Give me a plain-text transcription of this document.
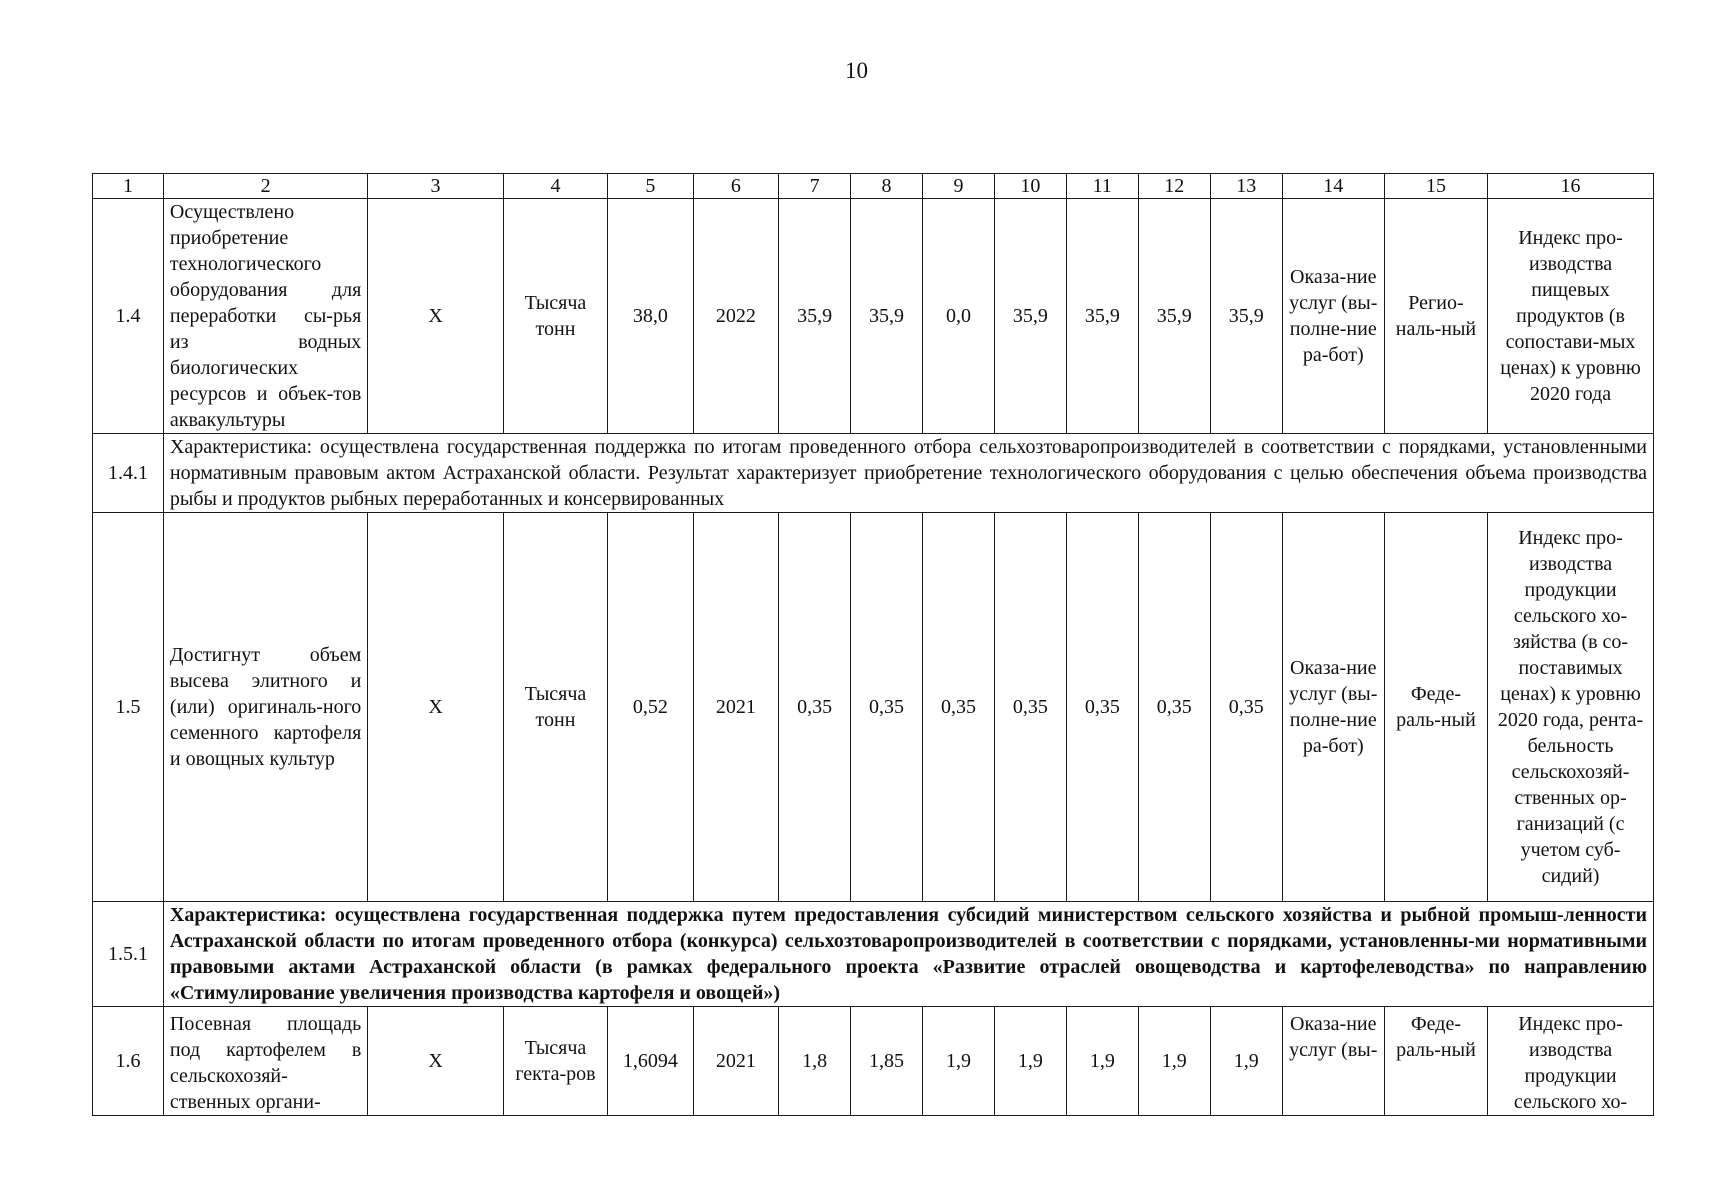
10
1	2	3	4	5	6	7	8	9	10	11	12	13	14	15	16
1.4	Осуществлено приобретение технологического оборудования для переработки сы-рья из водных биологических ресурсов и объек-тов аквакультуры	X	Тысяча тонн	38,0	2022	35,9	35,9	0,0	35,9	35,9	35,9	35,9	Оказа-ние услуг (вы-полне-ние ра-бот)	Регио-наль-ный	Индекс про-изводства пищевых продуктов (в сопостави-мых ценах) к уровню 2020 года
1.4.1	Характеристика: осуществлена государственная поддержка по итогам проведенного отбора сельхозтоваропроизводителей в соответствии с порядками, установленными нормативным правовым актом Астраханской области. Результат характеризует приобретение технологического оборудования с целью обеспечения объема производства рыбы и продуктов рыбных переработанных и консервированных														
1.5	Достигнут объем высева элитного и (или) оригиналь-ного семенного картофеля и овощных культур	X	Тысяча тонн	0,52	2021	0,35	0,35	0,35	0,35	0,35	0,35	0,35	Оказа-ние услуг (вы-полне-ние ра-бот)	Феде-раль-ный	Индекс про-изводства продукции сельского хо-зяйства (в со-поставимых ценах) к уровню 2020 года, рента-бельность сельскохозяй-ственных ор-ганизаций (с учетом суб-сидий)
1.5.1	Характеристика: осуществлена государственная поддержка путем предоставления субсидий министерством сельского хозяйства и рыбной промыш-ленности Астраханской области по итогам проведенного отбора (конкурса) сельхозтоваропроизводителей в соответствии с порядками, установленны-ми нормативными правовыми актами Астраханской области (в рамках федерального проекта «Развитие отраслей овощеводства и картофелеводства» по направлению «Стимулирование увеличения производства картофеля и овощей»)														
1.6	Посевная площадь под картофелем в сельскохозяй-ственных органи-	X	Тысяча гекта-ров	1,6094	2021	1,8	1,85	1,9	1,9	1,9	1,9	1,9	Оказа-ние услуг (вы-	Феде-раль-ный	Индекс про-изводства продукции сельского хо-
